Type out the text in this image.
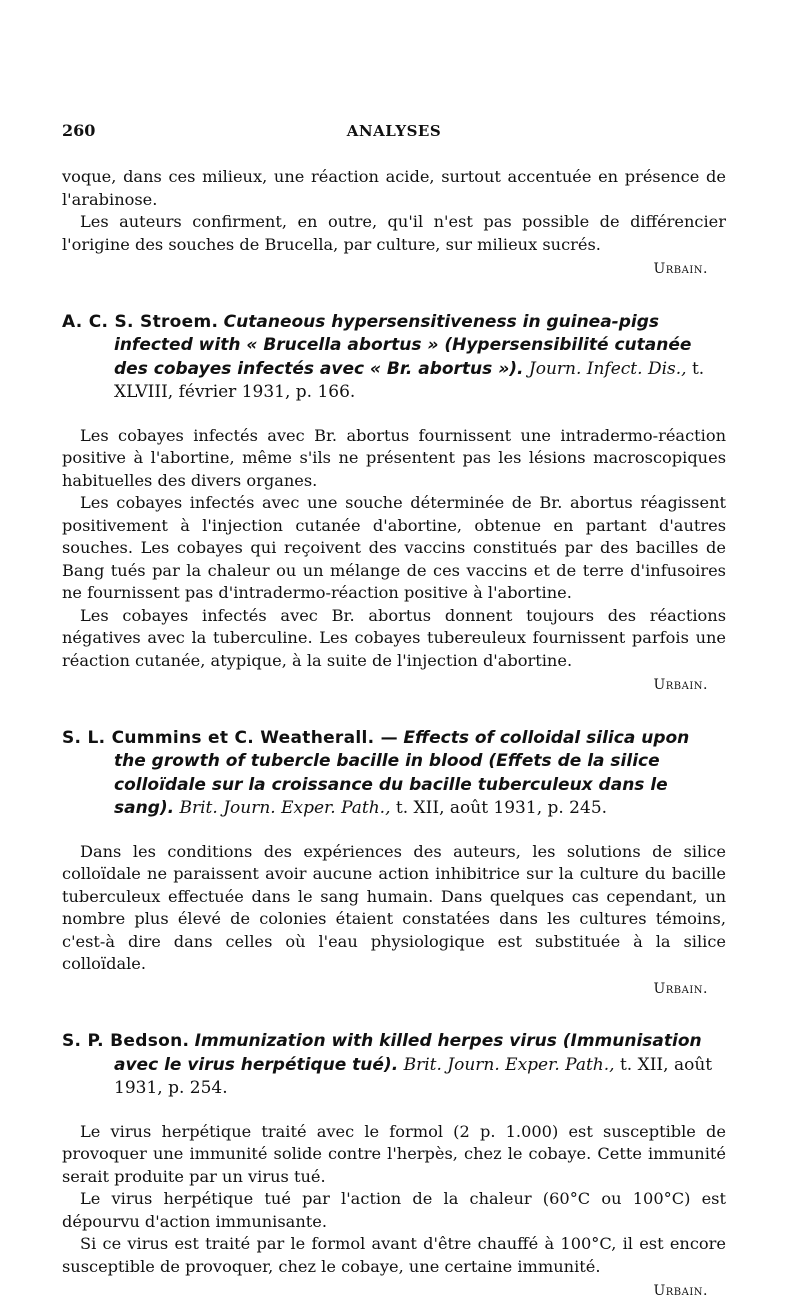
260	ANALYSES

voque, dans ces milieux, une réaction acide, surtout accentuée en présence de l'arabinose.

Les auteurs confirment, en outre, qu'il n'est pas possible de différencier l'origine des souches de Brucella, par culture, sur milieux sucrés.

Urbain.
A. C. S. Stroem. Cutaneous hypersensitiveness in guinea-pigs infected with « Brucella abortus » (Hypersensibilité cutanée des cobayes infectés avec « Br. abortus »). Journ. Infect. Dis., t. XLVIII, février 1931, p. 166.

Les cobayes infectés avec Br. abortus fournissent une intradermo-réaction positive à l'abortine, même s'ils ne présentent pas les lésions macroscopiques habituelles des divers organes.

Les cobayes infectés avec une souche déterminée de Br. abortus réagissent positivement à l'injection cutanée d'abortine, obtenue en partant d'autres souches. Les cobayes qui reçoivent des vaccins constitués par des bacilles de Bang tués par la chaleur ou un mélange de ces vaccins et de terre d'infusoires ne fournissent pas d'intradermo-réaction positive à l'abortine.

Les cobayes infectés avec Br. abortus donnent toujours des réactions négatives avec la tuberculine. Les cobayes tubereuleux fournissent parfois une réaction cutanée, atypique, à la suite de l'injection d'abortine.

Urbain.
S. L. Cummins et C. Weatherall. — Effects of colloidal silica upon the growth of tubercle bacille in blood (Effets de la silice colloïdale sur la croissance du bacille tuberculeux dans le sang). Brit. Journ. Exper. Path., t. XII, août 1931, p. 245.

Dans les conditions des expériences des auteurs, les solutions de silice colloïdale ne paraissent avoir aucune action inhibitrice sur la culture du bacille tuberculeux effectuée dans le sang humain. Dans quelques cas cependant, un nombre plus élevé de colonies étaient constatées dans les cultures témoins, c'est-à dire dans celles où l'eau physiologique est substituée à la silice colloïdale.

Urbain.
S. P. Bedson. Immunization with killed herpes virus (Immunisation avec le virus herpétique tué). Brit. Journ. Exper. Path., t. XII, août 1931, p. 254.

Le virus herpétique traité avec le formol (2 p. 1.000) est susceptible de provoquer une immunité solide contre l'herpès, chez le cobaye. Cette immunité serait produite par un virus tué.

Le virus herpétique tué par l'action de la chaleur (60°C ou 100°C) est dépourvu d'action immunisante.

Si ce virus est traité par le formol avant d'être chauffé à 100°C, il est encore susceptible de provoquer, chez le cobaye, une certaine immunité.

Urbain.
